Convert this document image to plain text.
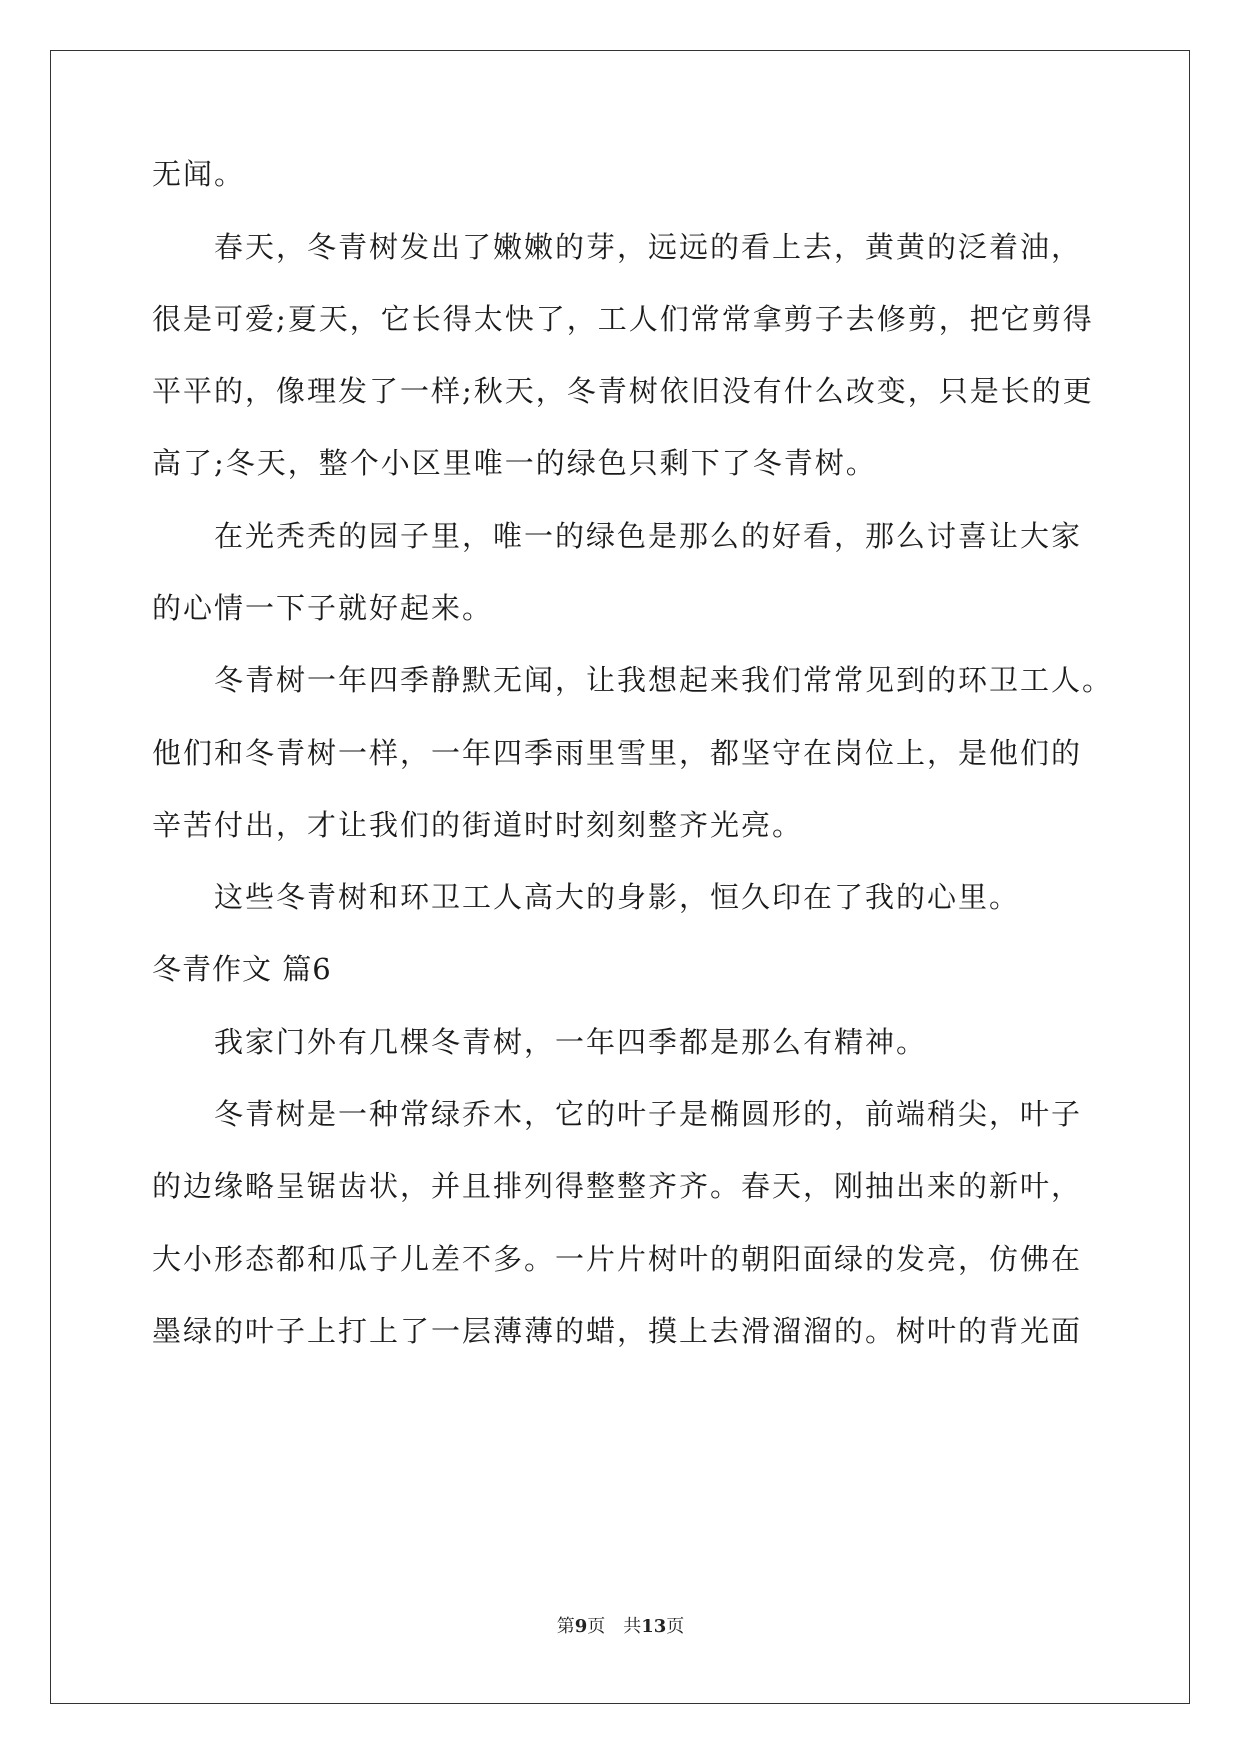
无闻。
春天，冬青树发出了嫩嫩的芽，远远的看上去，黄黄的泛着油，
很是可爱;夏天，它长得太快了，工人们常常拿剪子去修剪，把它剪得
平平的，像理发了一样;秋天，冬青树依旧没有什么改变，只是长的更
高了;冬天，整个小区里唯一的绿色只剩下了冬青树。
在光秃秃的园子里，唯一的绿色是那么的好看，那么讨喜让大家
的心情一下子就好起来。
冬青树一年四季静默无闻，让我想起来我们常常见到的环卫工人。
他们和冬青树一样，一年四季雨里雪里，都坚守在岗位上，是他们的
辛苦付出，才让我们的街道时时刻刻整齐光亮。
这些冬青树和环卫工人高大的身影，恒久印在了我的心里。
冬青作文 篇6
我家门外有几棵冬青树，一年四季都是那么有精神。
冬青树是一种常绿乔木，它的叶子是椭圆形的，前端稍尖，叶子
的边缘略呈锯齿状，并且排列得整整齐齐。春天，刚抽出来的新叶，
大小形态都和瓜子儿差不多。一片片树叶的朝阳面绿的发亮，仿佛在
墨绿的叶子上打上了一层薄薄的蜡，摸上去滑溜溜的。树叶的背光面
第9页 共13页
